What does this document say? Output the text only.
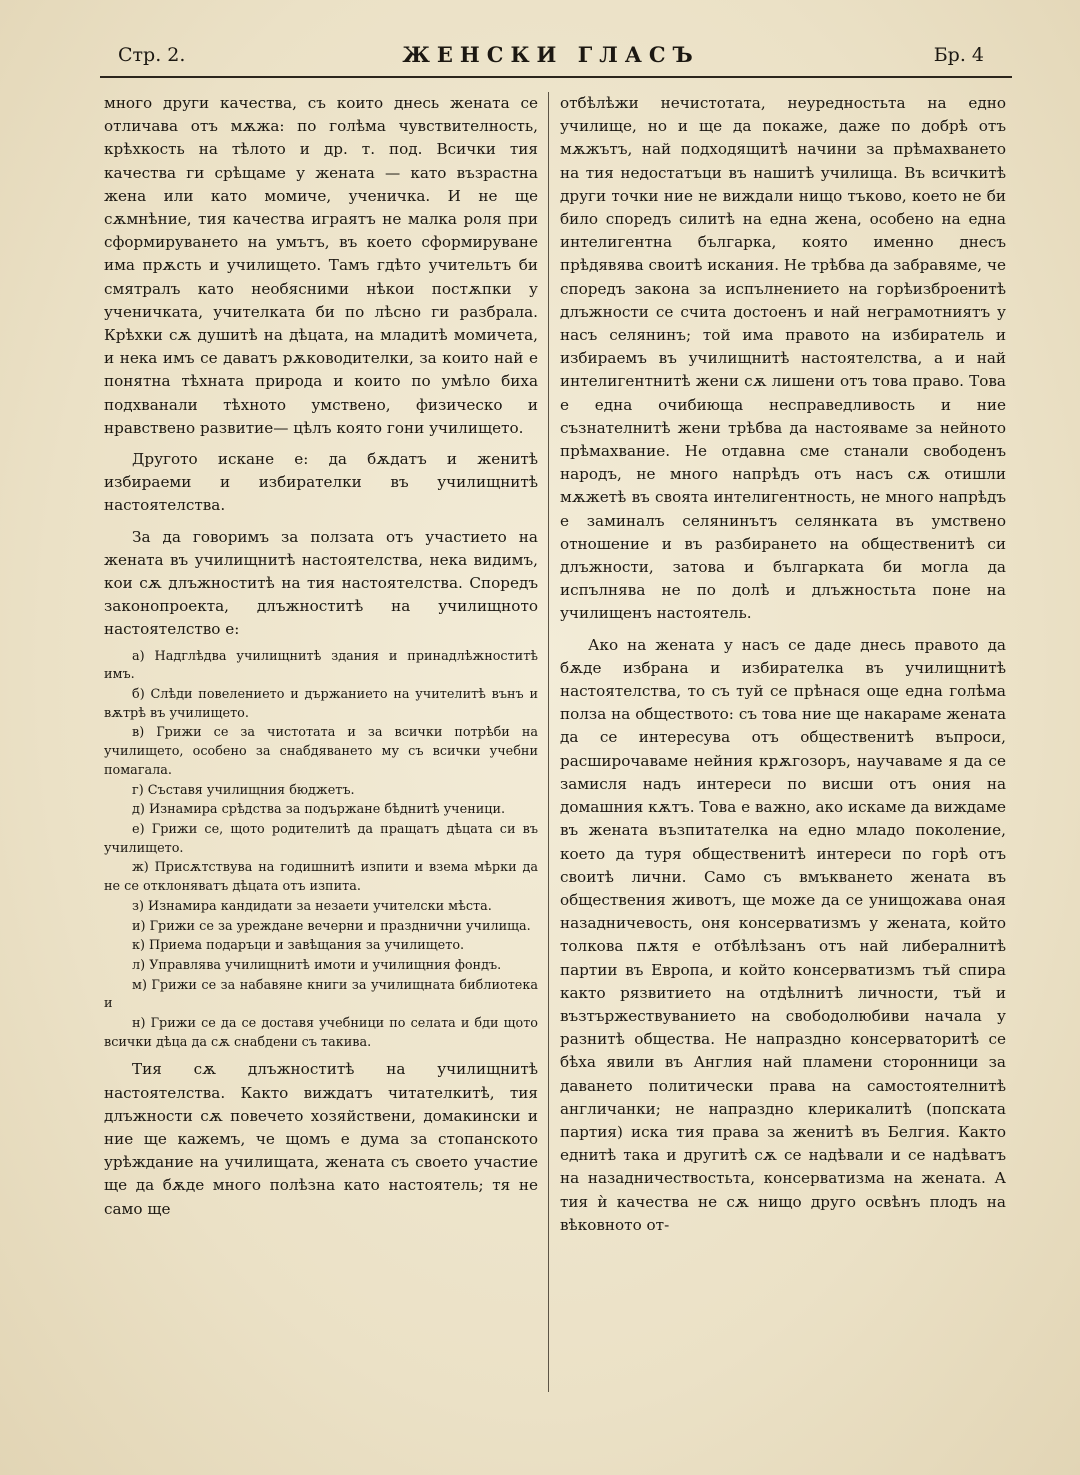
Стр. 2.	ЖЕНСКИ ГЛАСЪ	Бр. 4

много други качества, съ които днесь жената се отличава отъ мѫжа: по голѣма чувствителность, крѣхкость на тѣлото и др. т. под. Всички тия качества ги срѣщаме у жената — като възрастна жена или като момиче, ученичка. И не ще сѫмнѣние, тия качества играятъ не малка роля при сформируването на умътъ, въ което сформируване има прѫсть и училището. Тамъ гдѣто учительтъ би смятралъ като необясними нѣкои постѫпки у ученичката, учителката би по лѣсно ги разбрала. Крѣхки сѫ душитѣ на дѣцата, на младитѣ момичета, и нека имъ се даватъ рѫководителки, за които най е понятна тѣхната природа и които по умѣло биха подхванали тѣхното умствено, физическо и нравствено развитие— цѣлъ която гони училището.

Другото искане е: да бѫдатъ и женитѣ избираеми и избирателки въ училищнитѣ настоятелства.

За да говоримъ за ползата отъ участието на жената въ училищнитѣ настоятелства, нека видимъ, кои сѫ длъжноститѣ на тия настоятелства. Споредъ законопроекта, длъжноститѣ на училищното настоятелство е:

а) Надглѣдва училищнитѣ здания и принадлѣжноститѣ имъ.

б) Слѣди повелението и държанието на учителитѣ вънъ и вѫтрѣ въ училището.

в) Грижи се за чистотата и за всички потрѣби на училището, особено за снабдяването му съ всички учебни помагала.

г) Съставя училищния бюджетъ.

д) Изнамира срѣдства за подържане бѣднитѣ ученици.

е) Грижи се, щото родителитѣ да пращатъ дѣцата си въ училището.

ж) Присѫтствува на годишнитѣ изпити и взема мѣрки да не се отклоняватъ дѣцата отъ изпита.

з) Изнамира кандидати за незаети учителски мѣста.

и) Грижи се за уреждане вечерни и празднични училища.

к) Приема подаръци и завѣщания за училището.

л) Управлява училищнитѣ имоти и училищния фондъ.

м) Грижи се за набавяне книги за училищната библиотека и

н) Грижи се да се доставя учебници по селата и бди щото всички дѣца да сѫ снабдени съ такива.

Тия сѫ длъжноститѣ на училищнитѣ настоятелства. Както виждатъ читателкитѣ, тия длъжности сѫ повечето хозяйствени, домакински и ние ще кажемъ, че щомъ е дума за стопанското урѣждание на училищата, жената съ своето участие ще да бѫде много полѣзна като настоятель; тя не само ще

отбѣлѣжи нечистотата, неуредностьта на едно училище, но и ще да покаже, даже по добрѣ отъ мѫжътъ, най подходящитѣ начини за прѣмахването на тия недостатъци въ нашитѣ училища. Въ всичкитѣ други точки ние не виждали нищо тъково, което не би било споредъ силитѣ на една жена, особено на една интелигентна българка, която именно днесъ прѣдявява своитѣ искания. Не трѣбва да забравяме, че споредъ закона за испълнението на горѣизброенитѣ длъжности се счита достоенъ и най неграмотниятъ у насъ селянинъ; той има правото на избиратель и избираемъ въ училищнитѣ настоятелства, а и най интелигентнитѣ жени сѫ лишени отъ това право. Това е една очибиюща несправедливость и ние съзнателнитѣ жени трѣбва да настояваме за нейното прѣмахвание. Не отдавна сме станали свободенъ народъ, не много напрѣдъ отъ насъ сѫ отишли мѫжетѣ въ своята интелигентность, не много напрѣдъ е заминалъ селянинътъ селянката въ умствено отношение и въ разбирането на общественитѣ си длъжности, затова и българката би могла да испълнява не по долѣ и длъжностьта поне на училищенъ настоятель.

Ако на жената у насъ се даде днесь правото да бѫде избрана и избирателка въ училищнитѣ настоятелства, то съ туй се прѣнася още една голѣма полза на обществото: съ това ние ще накараме жената да се интересува отъ общественитѣ въпроси, расширочаваме нейния крѫгозоръ, научаваме я да се замисля надъ интереси по висши отъ ония на домашния кѫтъ. Това е важно, ако искаме да виждаме въ жената възпитателка на едно младо поколение, което да туря общественитѣ интереси по горѣ отъ своитѣ лични. Само съ вмъкването жената въ обществения животъ, ще може да се унищожава оная назадничевость, оня консерватизмъ у жената, който толкова пѫтя е отбѣлѣзанъ отъ най либералнитѣ партии въ Европа, и който консерватизмъ тъй спира както рязвитието на отдѣлнитѣ личности, тъй и възтържествуванието на свободолюбиви начала у разнитѣ общества. Не напраздно консерваторитѣ се бѣха явили въ Англия най пламени сторонници за даването политически права на самостоятелнитѣ англичанки; не напраздно клерикалитѣ (попската партия) иска тия права за женитѣ въ Белгия. Както еднитѣ така и другитѣ сѫ се надѣвали и се надѣватъ на назадничествостьта, консерватизма на жената. А тия ѝ качества не сѫ нищо друго освѣнъ плодъ на вѣковното от-
